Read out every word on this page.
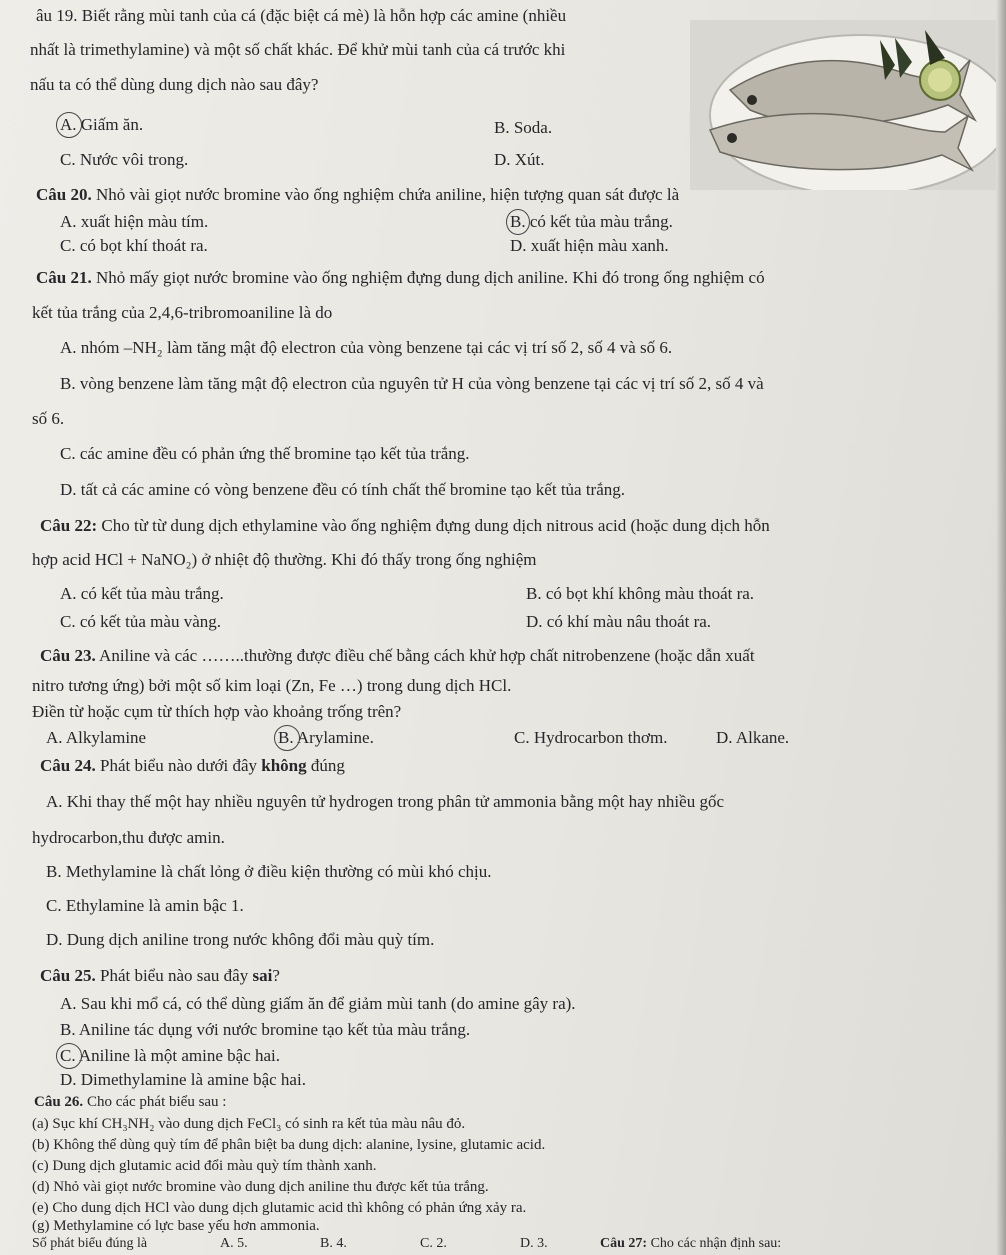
âu 19. Biết rằng mùi tanh của cá (đặc biệt cá mè) là hỗn hợp các amine (nhiều
nhất là trimethylamine) và một số chất khác. Để khử mùi tanh của cá trước khi
nấu ta có thể dùng dung dịch nào sau đây?
A. Giấm ăn.	B. Soda.
C. Nước vôi trong.	D. Xút.
Câu 20. Nhỏ vài giọt nước bromine vào ống nghiệm chứa aniline, hiện tượng quan sát được là
A. xuất hiện màu tím.	B. có kết tủa màu trắng.
C. có bọt khí thoát ra.	D. xuất hiện màu xanh.
Câu 21. Nhỏ mấy giọt nước bromine vào ống nghiệm đựng dung dịch aniline. Khi đó trong ống nghiệm có
kết tủa trắng của 2,4,6-tribromoaniline là do
A. nhóm –NH₂ làm tăng mật độ electron của vòng benzene tại các vị trí số 2, số 4 và số 6.
B. vòng benzene làm tăng mật độ electron của nguyên tử H của vòng benzene tại các vị trí số 2, số 4 và
số 6.
C. các amine đều có phản ứng thế bromine tạo kết tủa trắng.
D. tất cả các amine có vòng benzene đều có tính chất thế bromine tạo kết tủa trắng.
Câu 22: Cho từ từ dung dịch ethylamine vào ống nghiệm đựng dung dịch nitrous acid (hoặc dung dịch hỗn
hợp acid HCl + NaNO₂) ở nhiệt độ thường. Khi đó thấy trong ống nghiệm
A. có kết tủa màu trắng.	B. có bọt khí không màu thoát ra.
C. có kết tủa màu vàng.	D. có khí màu nâu thoát ra.
Câu 23. Aniline và các ……..thường được điều chế bằng cách khử hợp chất nitrobenzene (hoặc dẫn xuất
nitro tương ứng) bởi một số kim loại (Zn, Fe …) trong dung dịch HCl.
Điền từ hoặc cụm từ thích hợp vào khoảng trống trên?
A. Alkylamine	B. Arylamine.	C. Hydrocarbon thơm.	D. Alkane.
Câu 24. Phát biểu nào dưới đây không đúng
A. Khi thay thế một hay nhiều nguyên tử hydrogen trong phân tử ammonia bằng một hay nhiều gốc
hydrocarbon,thu được amin.
B. Methylamine là chất lỏng ở điều kiện thường có mùi khó chịu.
C. Ethylamine là amin bậc 1.
D. Dung dịch aniline trong nước không đổi màu quỳ tím.
Câu 25. Phát biểu nào sau đây sai?
A. Sau khi mổ cá, có thể dùng giấm ăn để giảm mùi tanh (do amine gây ra).
B. Aniline tác dụng với nước bromine tạo kết tủa màu trắng.
C. Aniline là một amine bậc hai.
D. Dimethylamine là amine bậc hai.
Câu 26. Cho các phát biểu sau :
(a) Sục khí CH₃NH₂ vào dung dịch FeCl₃ có sinh ra kết tủa màu nâu đỏ.
(b) Không thể dùng quỳ tím để phân biệt ba dung dịch: alanine, lysine, glutamic acid.
(c) Dung dịch glutamic acid đổi màu quỳ tím thành xanh.
(d) Nhỏ vài giọt nước bromine vào dung dịch aniline thu được kết tủa trắng.
(e) Cho dung dịch HCl vào dung dịch glutamic acid thì không có phản ứng xảy ra.
(g) Methylamine có lực base yếu hơn ammonia.
Số phát biểu đúng là	A. 5.	B. 4.	C. 2.	D. 3.	Câu 27: Cho các nhận định sau:
